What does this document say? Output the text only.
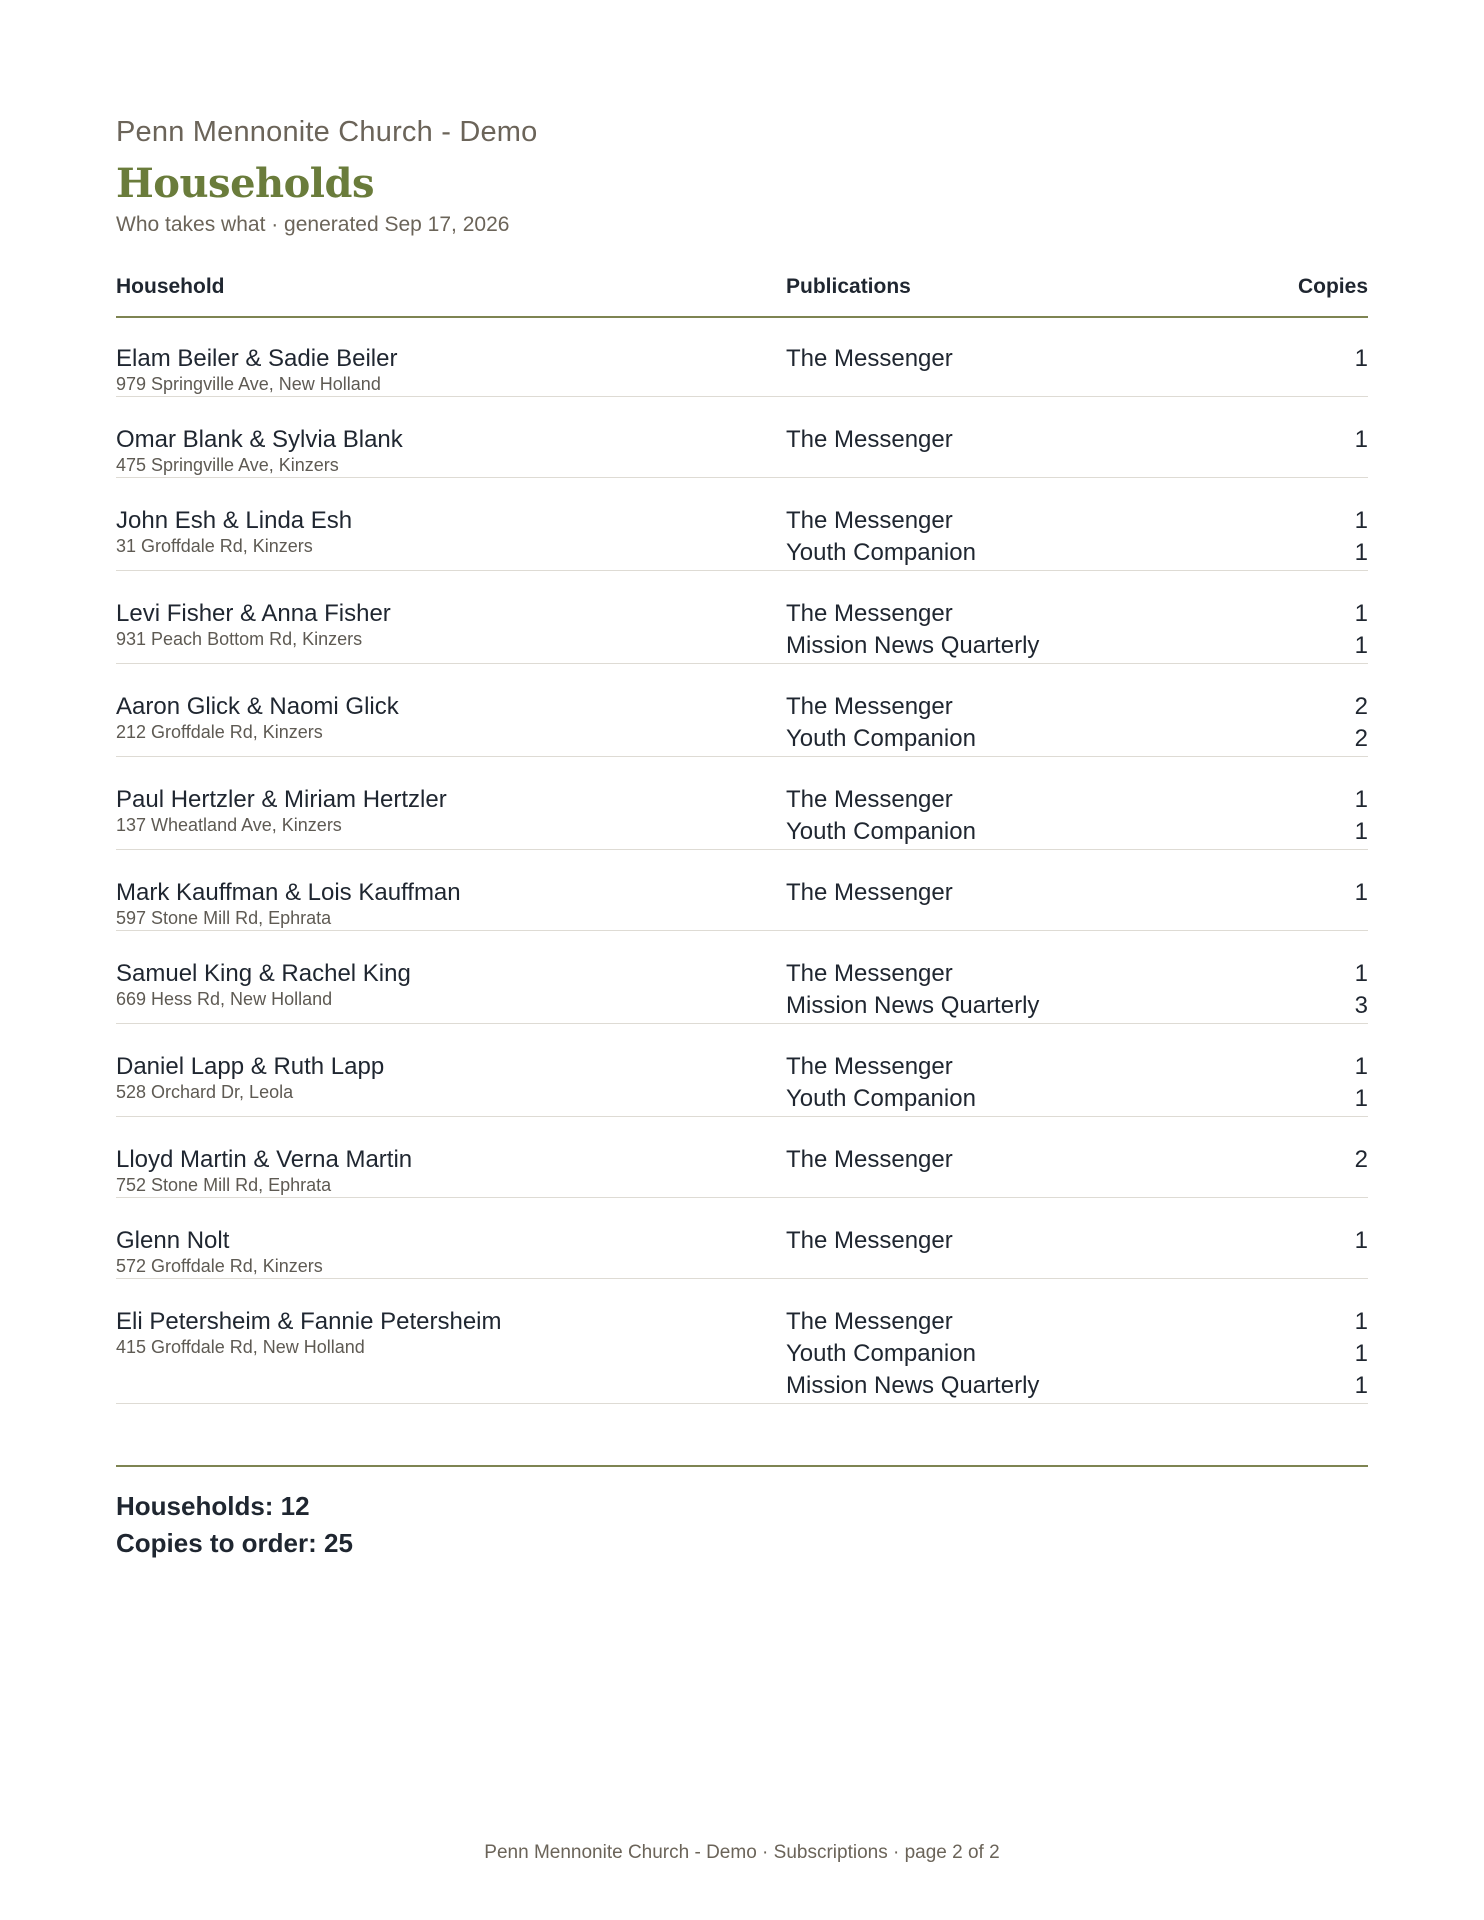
Penn Mennonite Church - Demo
Households
Who takes what · generated Sep 17, 2026
Household	Publications	Copies
Elam Beiler & Sadie Beiler
979 Springville Ave, New Holland
The Messenger	1
Omar Blank & Sylvia Blank
475 Springville Ave, Kinzers
The Messenger	1
John Esh & Linda Esh
31 Groffdale Rd, Kinzers
The Messenger	1
Youth Companion	1
Levi Fisher & Anna Fisher
931 Peach Bottom Rd, Kinzers
The Messenger	1
Mission News Quarterly	1
Aaron Glick & Naomi Glick
212 Groffdale Rd, Kinzers
The Messenger	2
Youth Companion	2
Paul Hertzler & Miriam Hertzler
137 Wheatland Ave, Kinzers
The Messenger	1
Youth Companion	1
Mark Kauffman & Lois Kauffman
597 Stone Mill Rd, Ephrata
The Messenger	1
Samuel King & Rachel King
669 Hess Rd, New Holland
The Messenger	1
Mission News Quarterly	3
Daniel Lapp & Ruth Lapp
528 Orchard Dr, Leola
The Messenger	1
Youth Companion	1
Lloyd Martin & Verna Martin
752 Stone Mill Rd, Ephrata
The Messenger	2
Glenn Nolt
572 Groffdale Rd, Kinzers
The Messenger	1
Eli Petersheim & Fannie Petersheim
415 Groffdale Rd, New Holland
The Messenger	1
Youth Companion	1
Mission News Quarterly	1
Households: 12
Copies to order: 25
Penn Mennonite Church - Demo · Subscriptions · page 2 of 2
